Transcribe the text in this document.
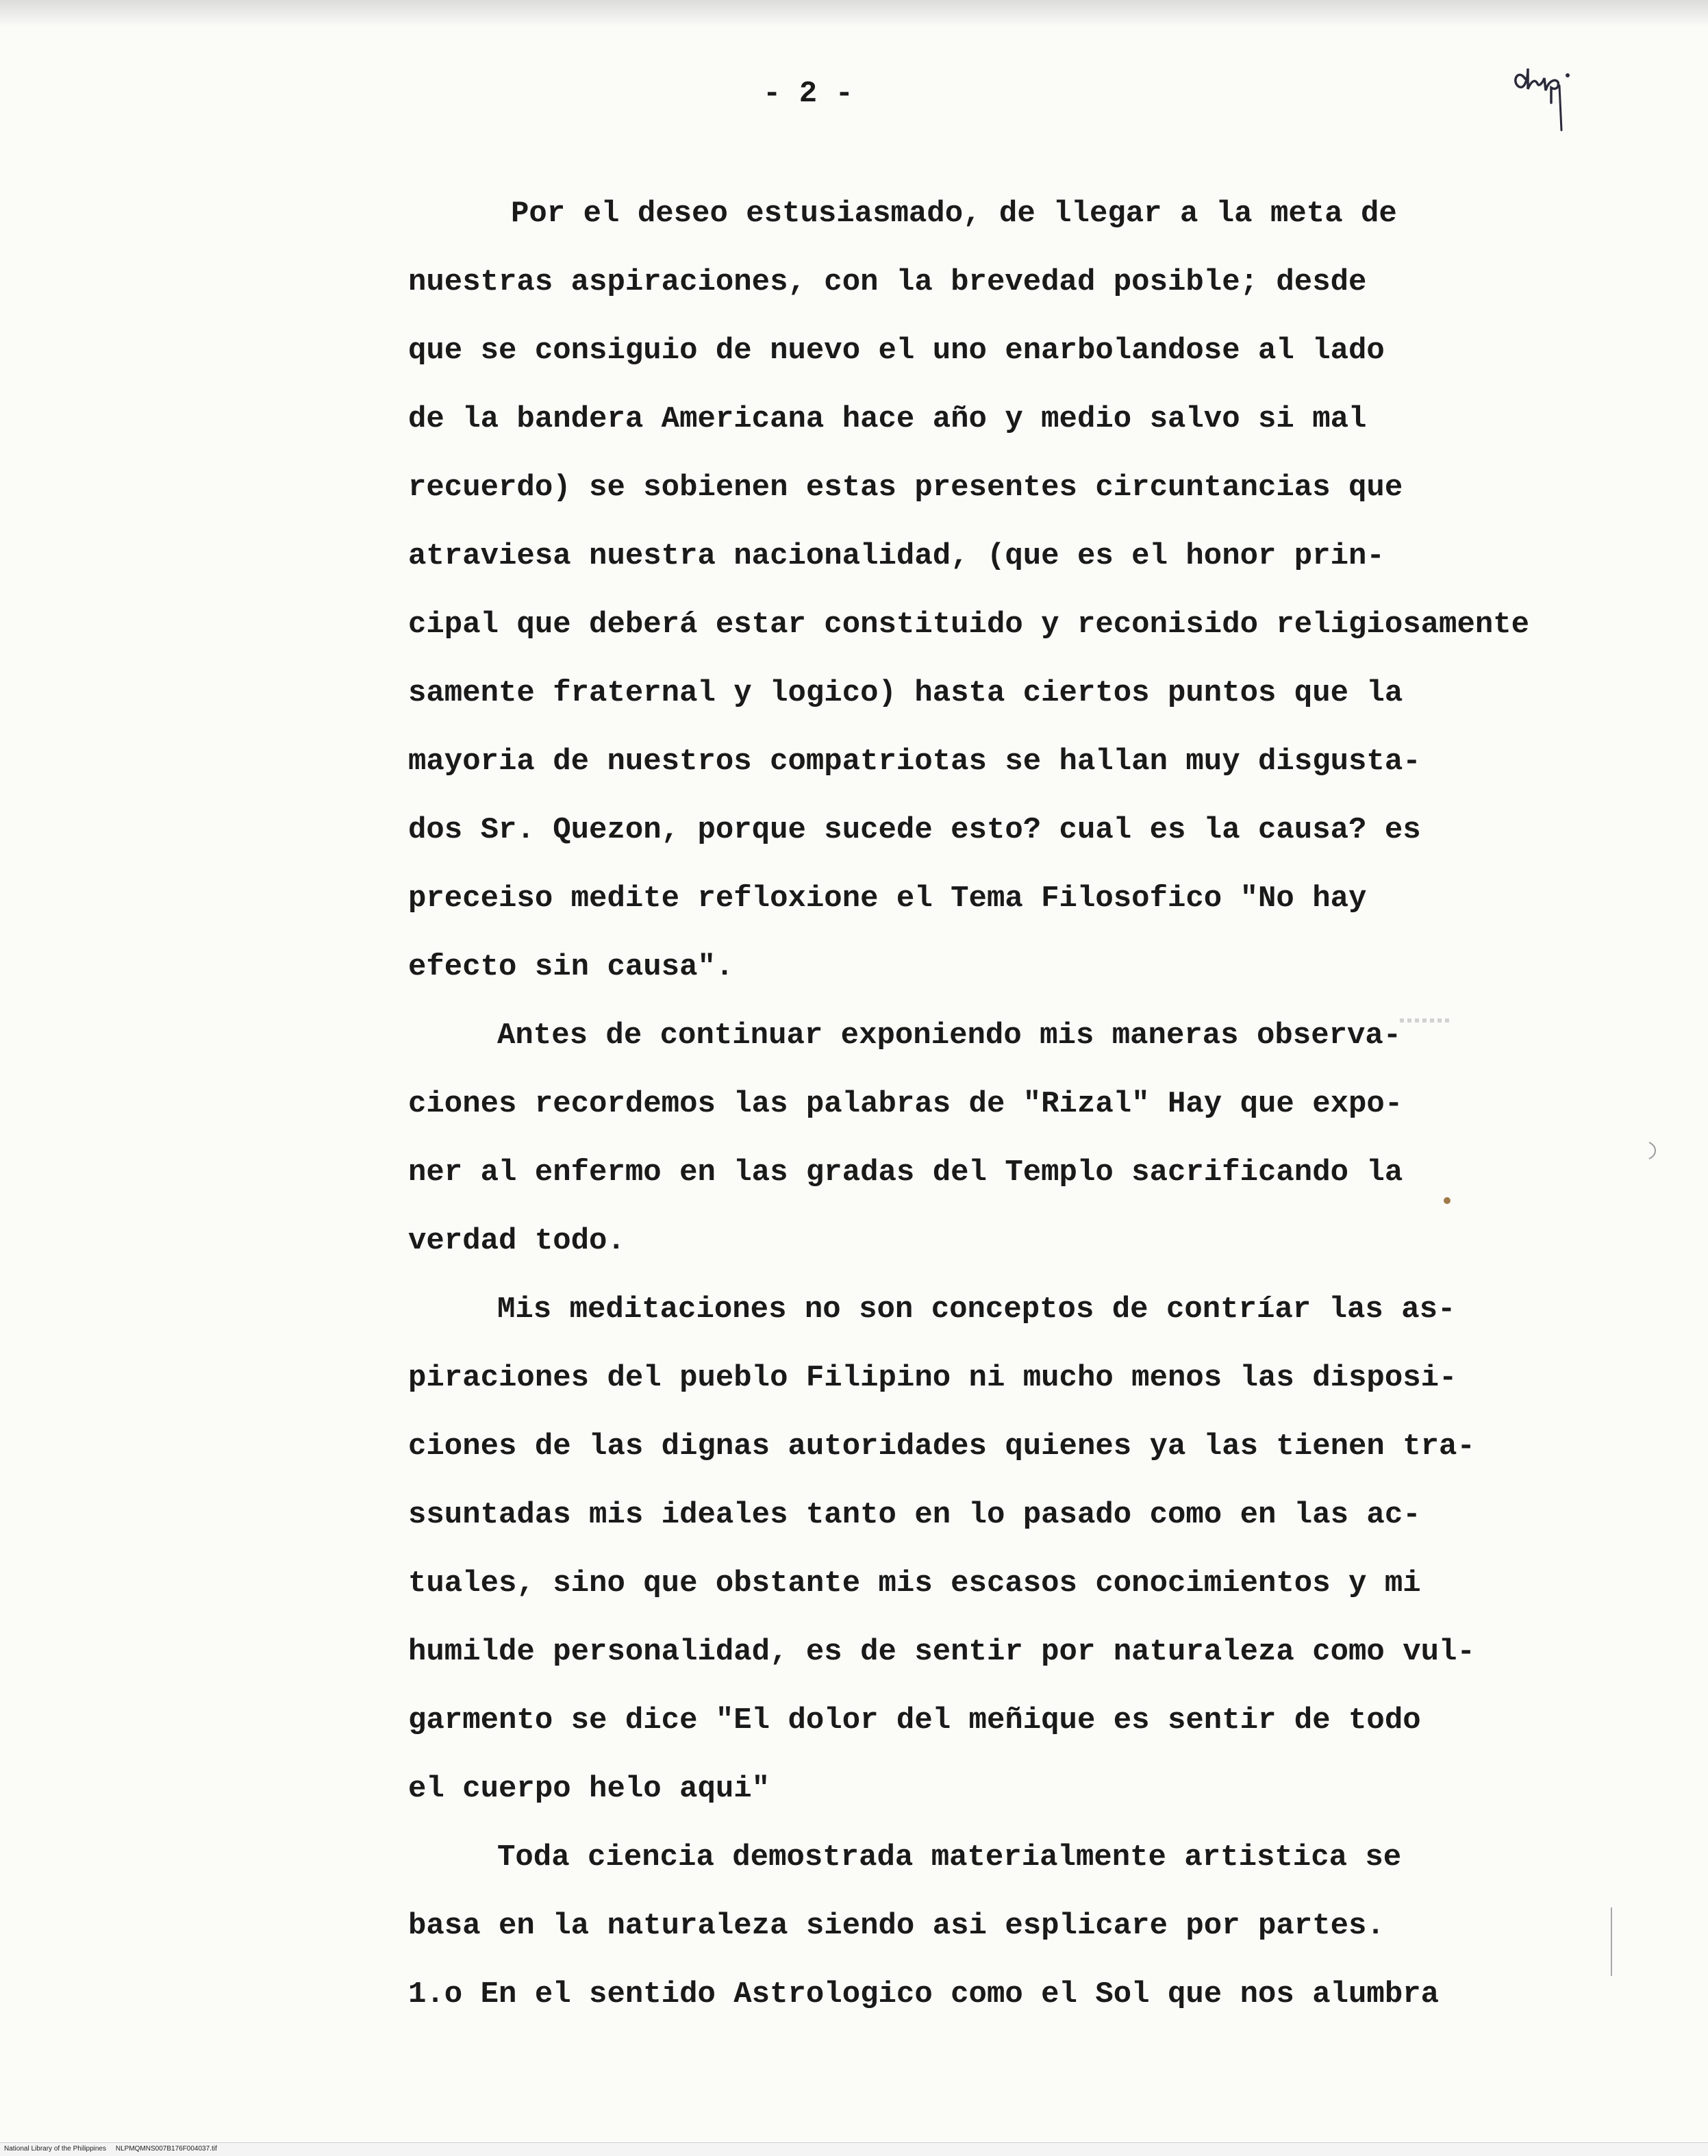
- 2 -
Por el deseo estusiasmado, de llegar a la meta de
nuestras aspiraciones, con la brevedad posible; desde
que se consiguio de nuevo el uno enarbolandose al lado
de la bandera Americana hace año y medio salvo si mal
recuerdo) se sobienen estas presentes circuntancias que
atraviesa nuestra nacionalidad, (que es el honor prin-
cipal que deberá estar constituido y reconisido religiosamente
samente fraternal y logico) hasta ciertos puntos que la
mayoria de nuestros compatriotas se hallan muy disgusta-
dos Sr. Quezon, porque sucede esto? cual es la causa? es
preceiso medite refloxione el Tema Filosofico "No hay
efecto sin causa".
Antes de continuar exponiendo mis maneras observa-
ciones recordemos las palabras de "Rizal" Hay que expo-
ner al enfermo en las gradas del Templo sacrificando la
verdad todo.
Mis meditaciones no son conceptos de contríar las as-
piraciones del pueblo Filipino ni mucho menos las disposi-
ciones de las dignas autoridades quienes ya las tienen tra-
ssuntadas mis ideales tanto en lo pasado como en las ac-
tuales, sino que obstante mis escasos conocimientos y mi
humilde personalidad, es de sentir por naturaleza como vul-
garmento se dice "El dolor del meñique es sentir de todo
el cuerpo helo aqui"
Toda ciencia demostrada materialmente artistica se
basa en la naturaleza siendo asi esplicare por partes.
1.o En el sentido Astrologico como el Sol que nos alumbra
National Library of the Philippines     NLPMQMNS007B176F004037.tif
